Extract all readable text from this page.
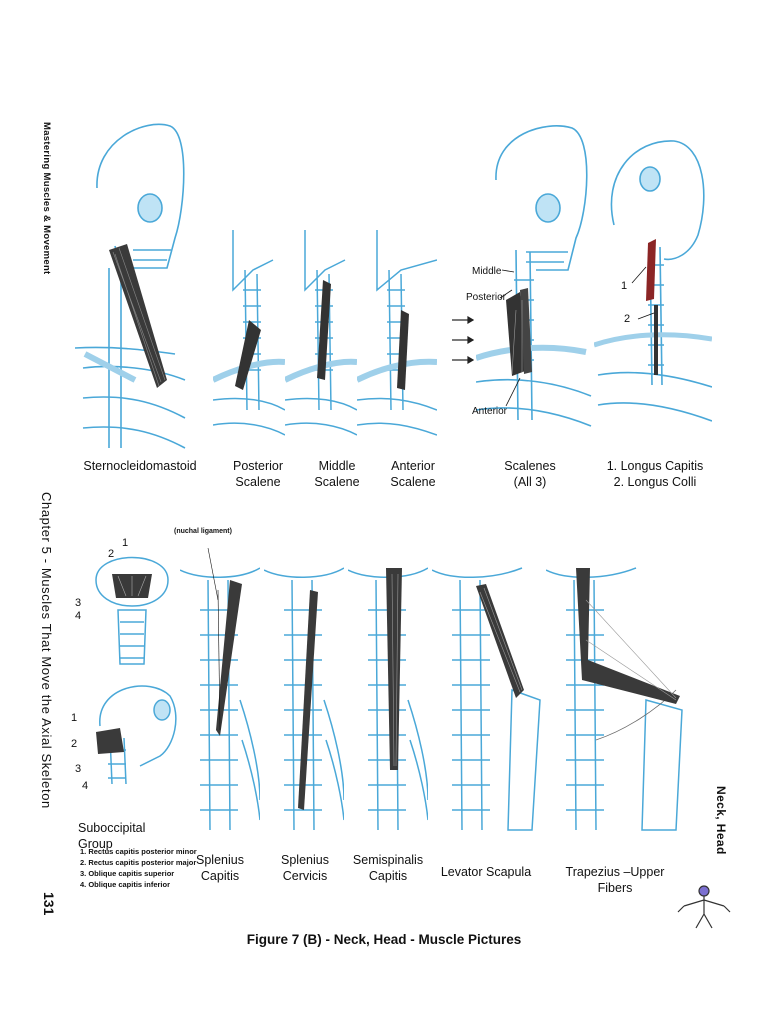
Mastering Muscles & Movement
Chapter 5 - Muscles That Move the Axial Skeleton
131
Neck, Head
Middle
Posterior
Anterior
1
2
Sternocleidomastoid	Posterior
Scalene
Middle
Scalene
Anterior
Scalene
Scalenes
(All 3)
1. Longus Capitis
2. Longus Colli
1
2
3
4
1
2
3
4
(nuchal ligament)
Suboccipital Group
1. Rectus capitis posterior minor
2. Rectus capitis posterior major
3. Oblique capitis superior
4. Oblique capitis inferior
Splenius
Capitis
Splenius
Cervicis
Semispinalis
Capitis	Levator Scapula	Trapezius –Upper Fibers
Figure 7 (B) - Neck, Head - Muscle Pictures
